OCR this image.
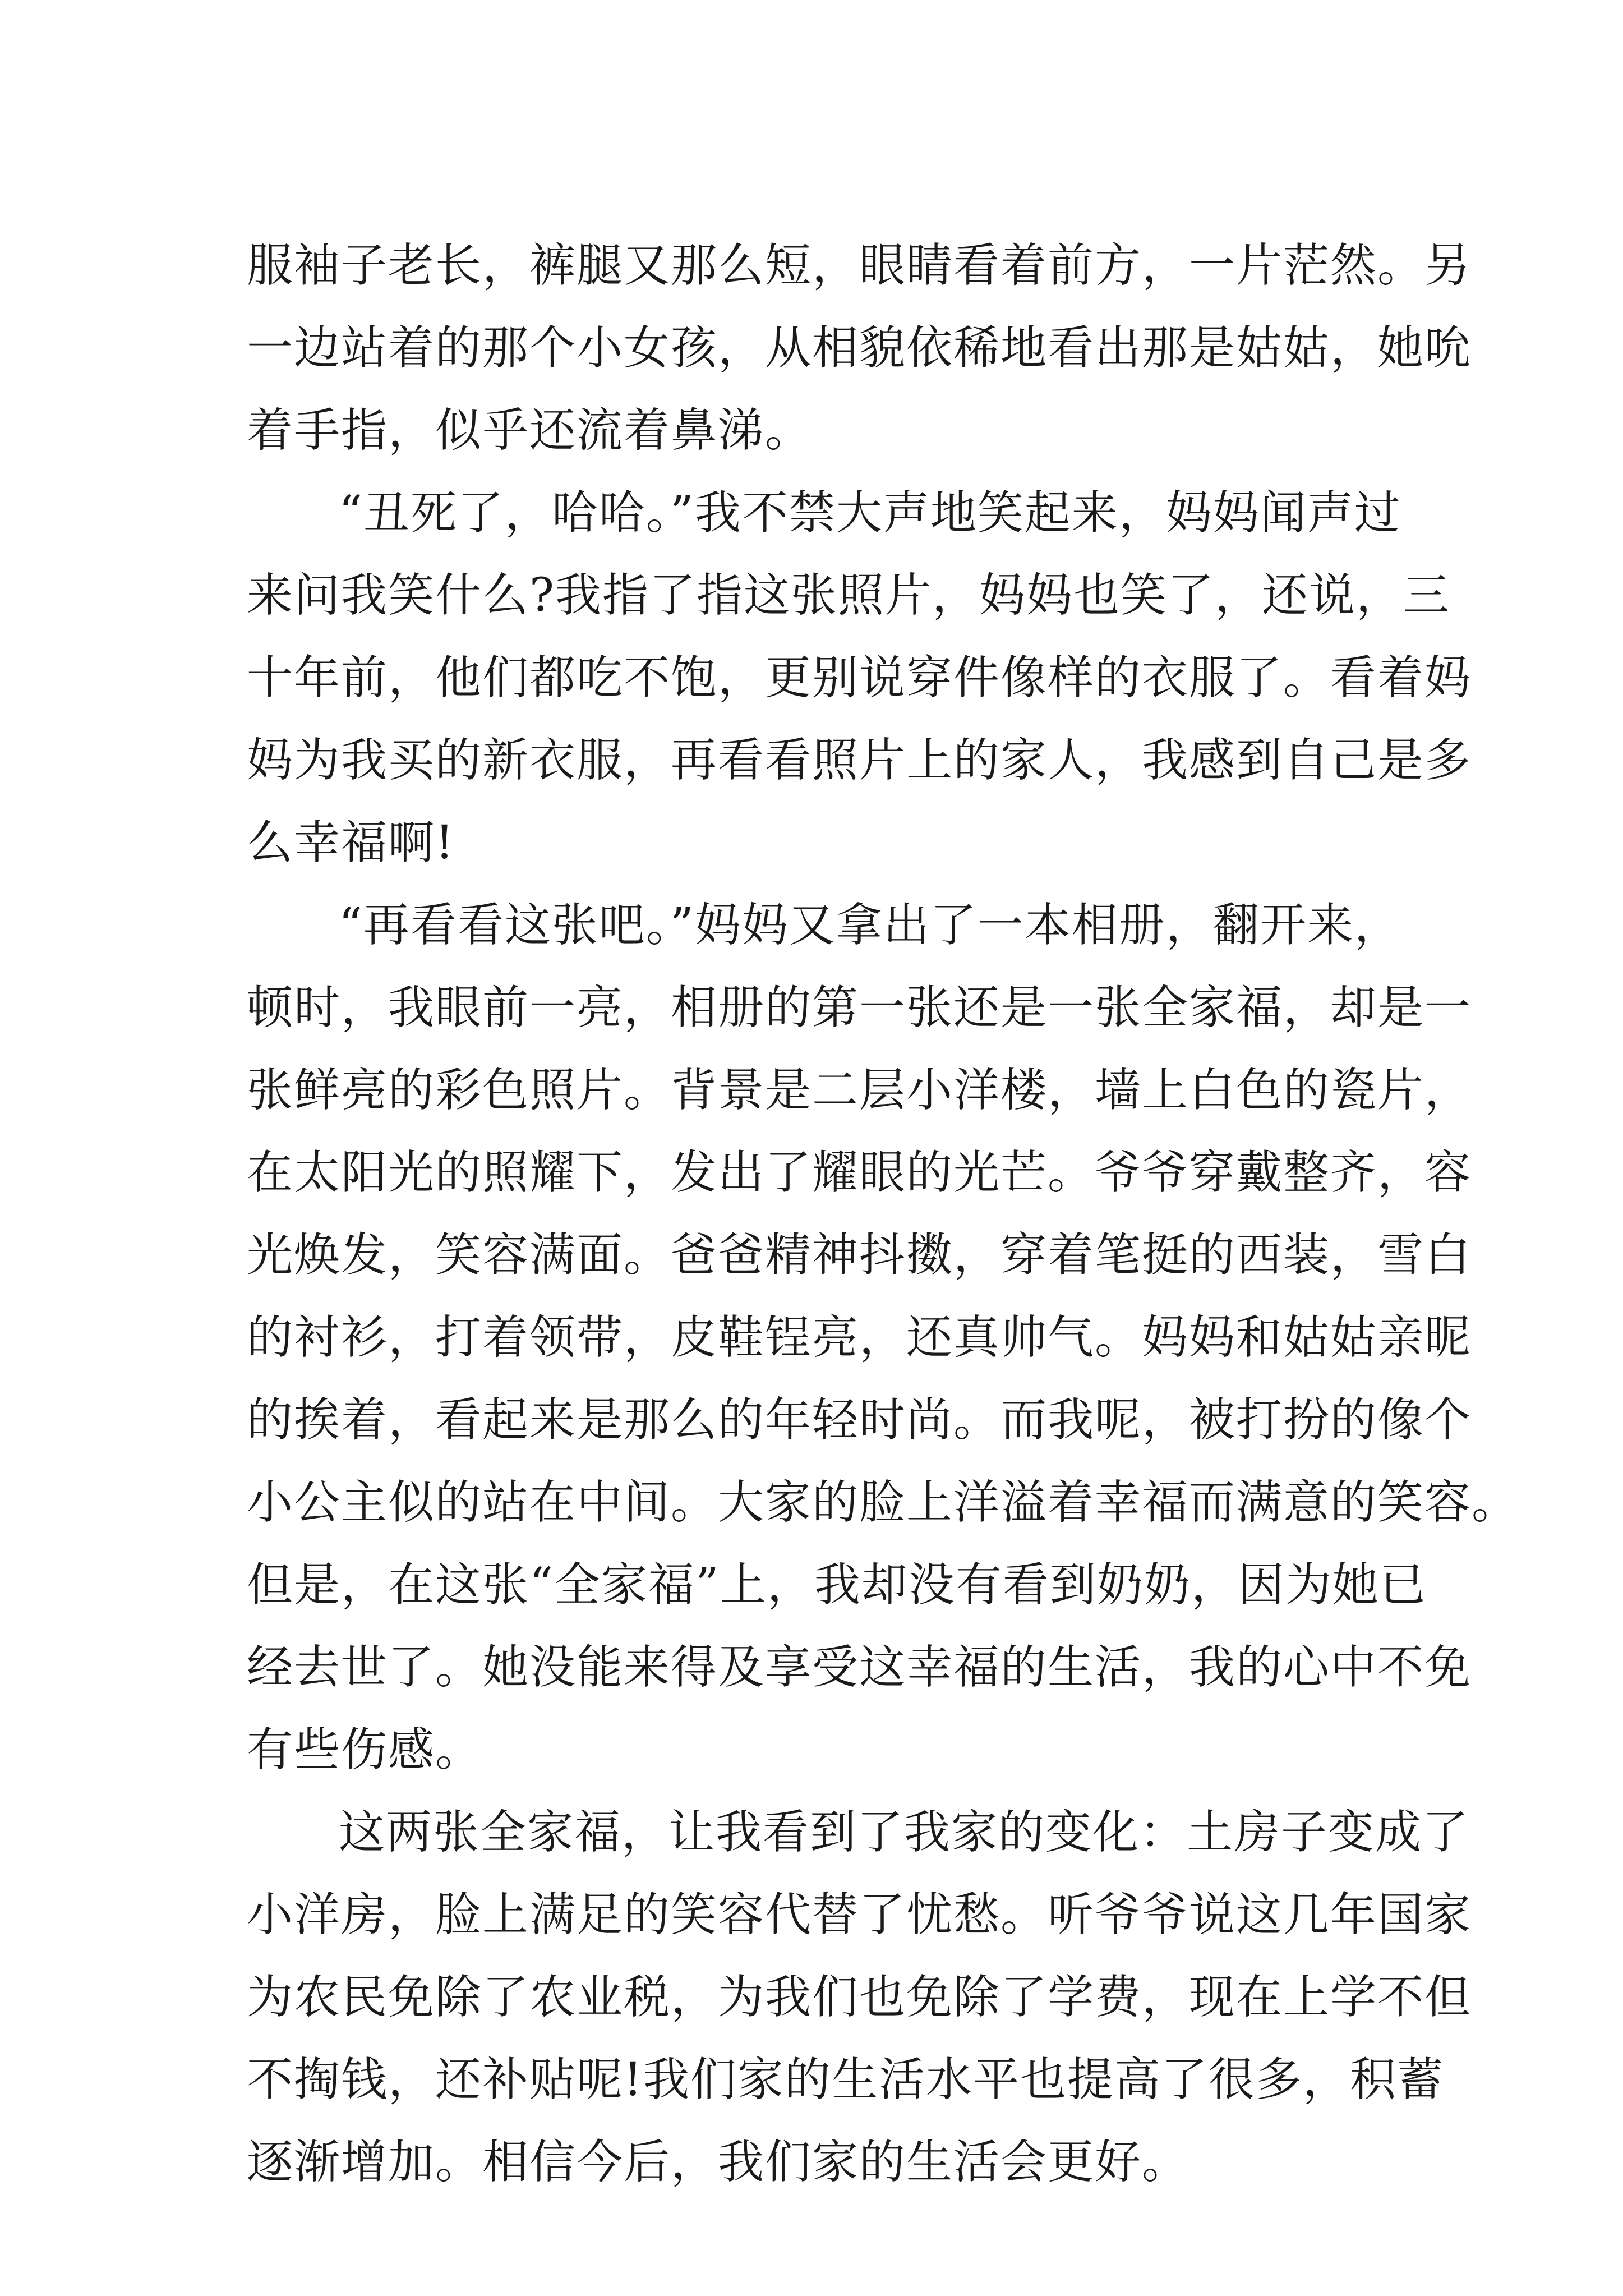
服袖子老长，裤腿又那么短，眼睛看着前方，一片茫然。另
一边站着的那个小女孩，从相貌依稀地看出那是姑姑，她吮
着手指，似乎还流着鼻涕。
“丑死了，哈哈。”我不禁大声地笑起来，妈妈闻声过
来问我笑什么?我指了指这张照片，妈妈也笑了，还说，三
十年前，他们都吃不饱，更别说穿件像样的衣服了。看着妈
妈为我买的新衣服，再看看照片上的家人，我感到自己是多
么幸福啊!
“再看看这张吧。”妈妈又拿出了一本相册，翻开来，
顿时，我眼前一亮，相册的第一张还是一张全家福，却是一
张鲜亮的彩色照片。背景是二层小洋楼，墙上白色的瓷片，
在太阳光的照耀下，发出了耀眼的光芒。爷爷穿戴整齐，容
光焕发，笑容满面。爸爸精神抖擞，穿着笔挺的西装，雪白
的衬衫，打着领带，皮鞋锃亮，还真帅气。妈妈和姑姑亲昵
的挨着，看起来是那么的年轻时尚。而我呢，被打扮的像个
小公主似的站在中间。大家的脸上洋溢着幸福而满意的笑容。
但是，在这张“全家福”上，我却没有看到奶奶，因为她已
经去世了。她没能来得及享受这幸福的生活，我的心中不免
有些伤感。
这两张全家福，让我看到了我家的变化：土房子变成了
小洋房，脸上满足的笑容代替了忧愁。听爷爷说这几年国家
为农民免除了农业税，为我们也免除了学费，现在上学不但
不掏钱，还补贴呢!我们家的生活水平也提高了很多，积蓄
逐渐增加。相信今后，我们家的生活会更好。
